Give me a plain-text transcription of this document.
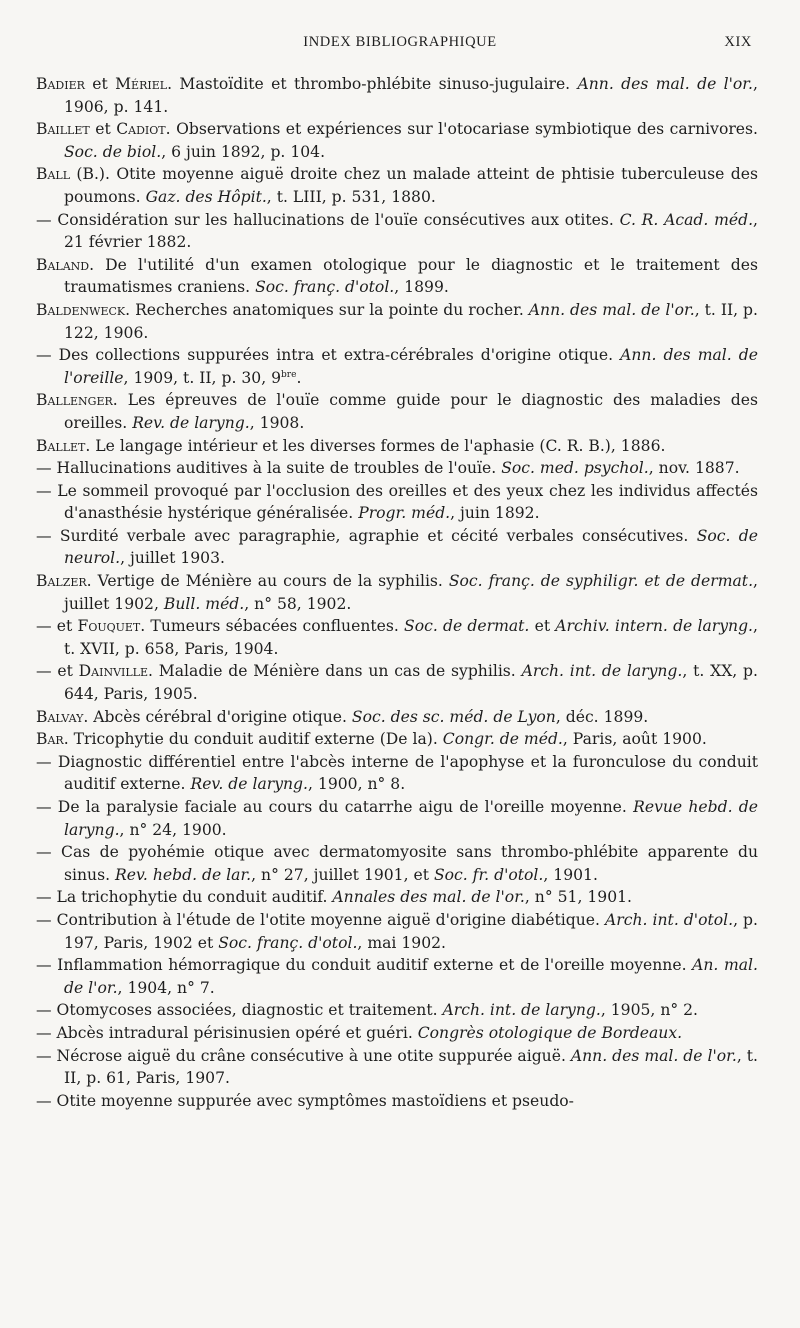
INDEX BIBLIOGRAPHIQUE	XIX

Badier et Mériel. Mastoïdite et thrombo-phlébite sinuso-jugulaire. Ann. des mal. de l'or., 1906, p. 141.

Baillet et Cadiot. Observations et expériences sur l'otocariase symbiotique des carnivores. Soc. de biol., 6 juin 1892, p. 104.

Ball (B.). Otite moyenne aiguë droite chez un malade atteint de phtisie tuberculeuse des poumons. Gaz. des Hôpit., t. LIII, p. 531, 1880.

— Considération sur les hallucinations de l'ouïe consécutives aux otites. C. R. Acad. méd., 21 février 1882.

Baland. De l'utilité d'un examen otologique pour le diagnostic et le traitement des traumatismes craniens. Soc. franç. d'otol., 1899.

Baldenweck. Recherches anatomiques sur la pointe du rocher. Ann. des mal. de l'or., t. II, p. 122, 1906.

— Des collections suppurées intra et extra-cérébrales d'origine otique. Ann. des mal. de l'oreille, 1909, t. II, p. 30, $9^{bre}$.

Ballenger. Les épreuves de l'ouïe comme guide pour le diagnostic des maladies des oreilles. Rev. de laryng., 1908.

Ballet. Le langage intérieur et les diverses formes de l'aphasie (C. R. B.), 1886.

— Hallucinations auditives à la suite de troubles de l'ouïe. Soc. med. psychol., nov. 1887.

— Le sommeil provoqué par l'occlusion des oreilles et des yeux chez les individus affectés d'anasthésie hystérique généralisée. Progr. méd., juin 1892.

— Surdité verbale avec paragraphie, agraphie et cécité verbales consécutives. Soc. de neurol., juillet 1903.

Balzer. Vertige de Ménière au cours de la syphilis. Soc. franç. de syphiligr. et de dermat., juillet 1902, Bull. méd., n° 58, 1902.

— et Fouquet. Tumeurs sébacées confluentes. Soc. de dermat. et Archiv. intern. de laryng., t. XVII, p. 658, Paris, 1904.

— et Dainville. Maladie de Ménière dans un cas de syphilis. Arch. int. de laryng., t. XX, p. 644, Paris, 1905.

Balvay. Abcès cérébral d'origine otique. Soc. des sc. méd. de Lyon, déc. 1899.

Bar. Tricophytie du conduit auditif externe (De la). Congr. de méd., Paris, août 1900.

— Diagnostic différentiel entre l'abcès interne de l'apophyse et la furonculose du conduit auditif externe. Rev. de laryng., 1900, n° 8.

— De la paralysie faciale au cours du catarrhe aigu de l'oreille moyenne. Revue hebd. de laryng., n° 24, 1900.

— Cas de pyohémie otique avec dermatomyosite sans thrombo-phlébite apparente du sinus. Rev. hebd. de lar., n° 27, juillet 1901, et Soc. fr. d'otol., 1901.

— La trichophytie du conduit auditif. Annales des mal. de l'or., n° 51, 1901.

— Contribution à l'étude de l'otite moyenne aiguë d'origine diabétique. Arch. int. d'otol., p. 197, Paris, 1902 et Soc. franç. d'otol., mai 1902.

— Inflammation hémorragique du conduit auditif externe et de l'oreille moyenne. An. mal. de l'or., 1904, n° 7.

— Otomycoses associées, diagnostic et traitement. Arch. int. de laryng., 1905, n° 2.

— Abcès intradural périsinusien opéré et guéri. Congrès otologique de Bordeaux.

— Nécrose aiguë du crâne consécutive à une otite suppurée aiguë. Ann. des mal. de l'or., t. II, p. 61, Paris, 1907.

— Otite moyenne suppurée avec symptômes mastoïdiens et pseudo-
